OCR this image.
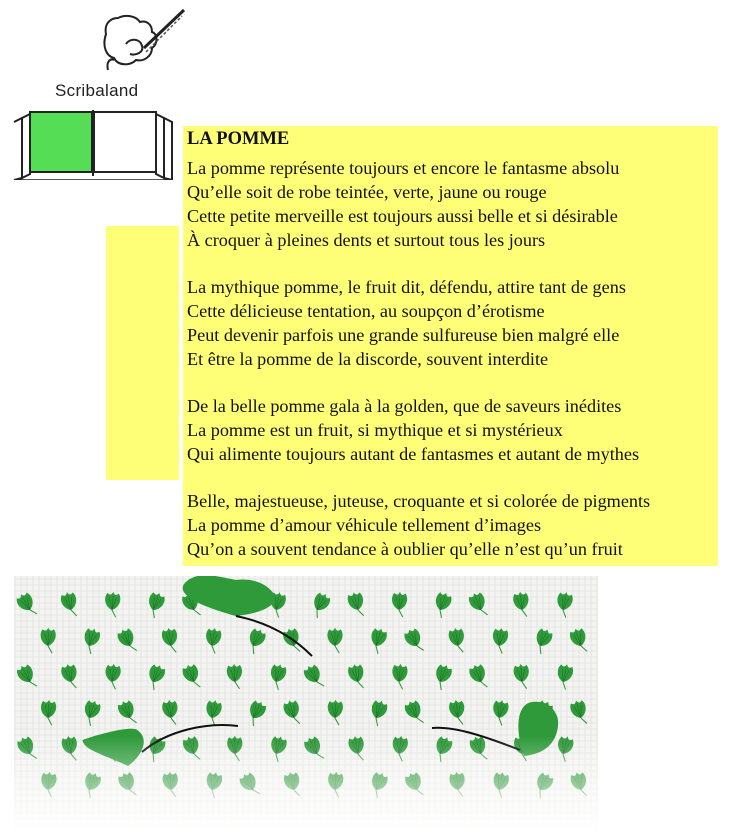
Scribaland
LA POMME
La pomme représente toujours et encore le fantasme absolu
Qu’elle soit de robe teintée, verte, jaune ou rouge
Cette petite merveille est toujours aussi belle et si désirable
À croquer à pleines dents et surtout tous les jours
La mythique pomme, le fruit dit, défendu, attire tant de gens
Cette délicieuse tentation, au soupçon d’érotisme
Peut devenir parfois une grande sulfureuse bien malgré elle
Et être la pomme de la discorde, souvent interdite
De la belle pomme gala à la golden, que de saveurs inédites
La pomme est un fruit, si mythique et si mystérieux
Qui alimente toujours autant de fantasmes et autant de mythes
Belle, majestueuse, juteuse, croquante et si colorée de pigments
La pomme d’amour véhicule tellement d’images
Qu’on a souvent tendance à oublier qu’elle n’est qu’un fruit
